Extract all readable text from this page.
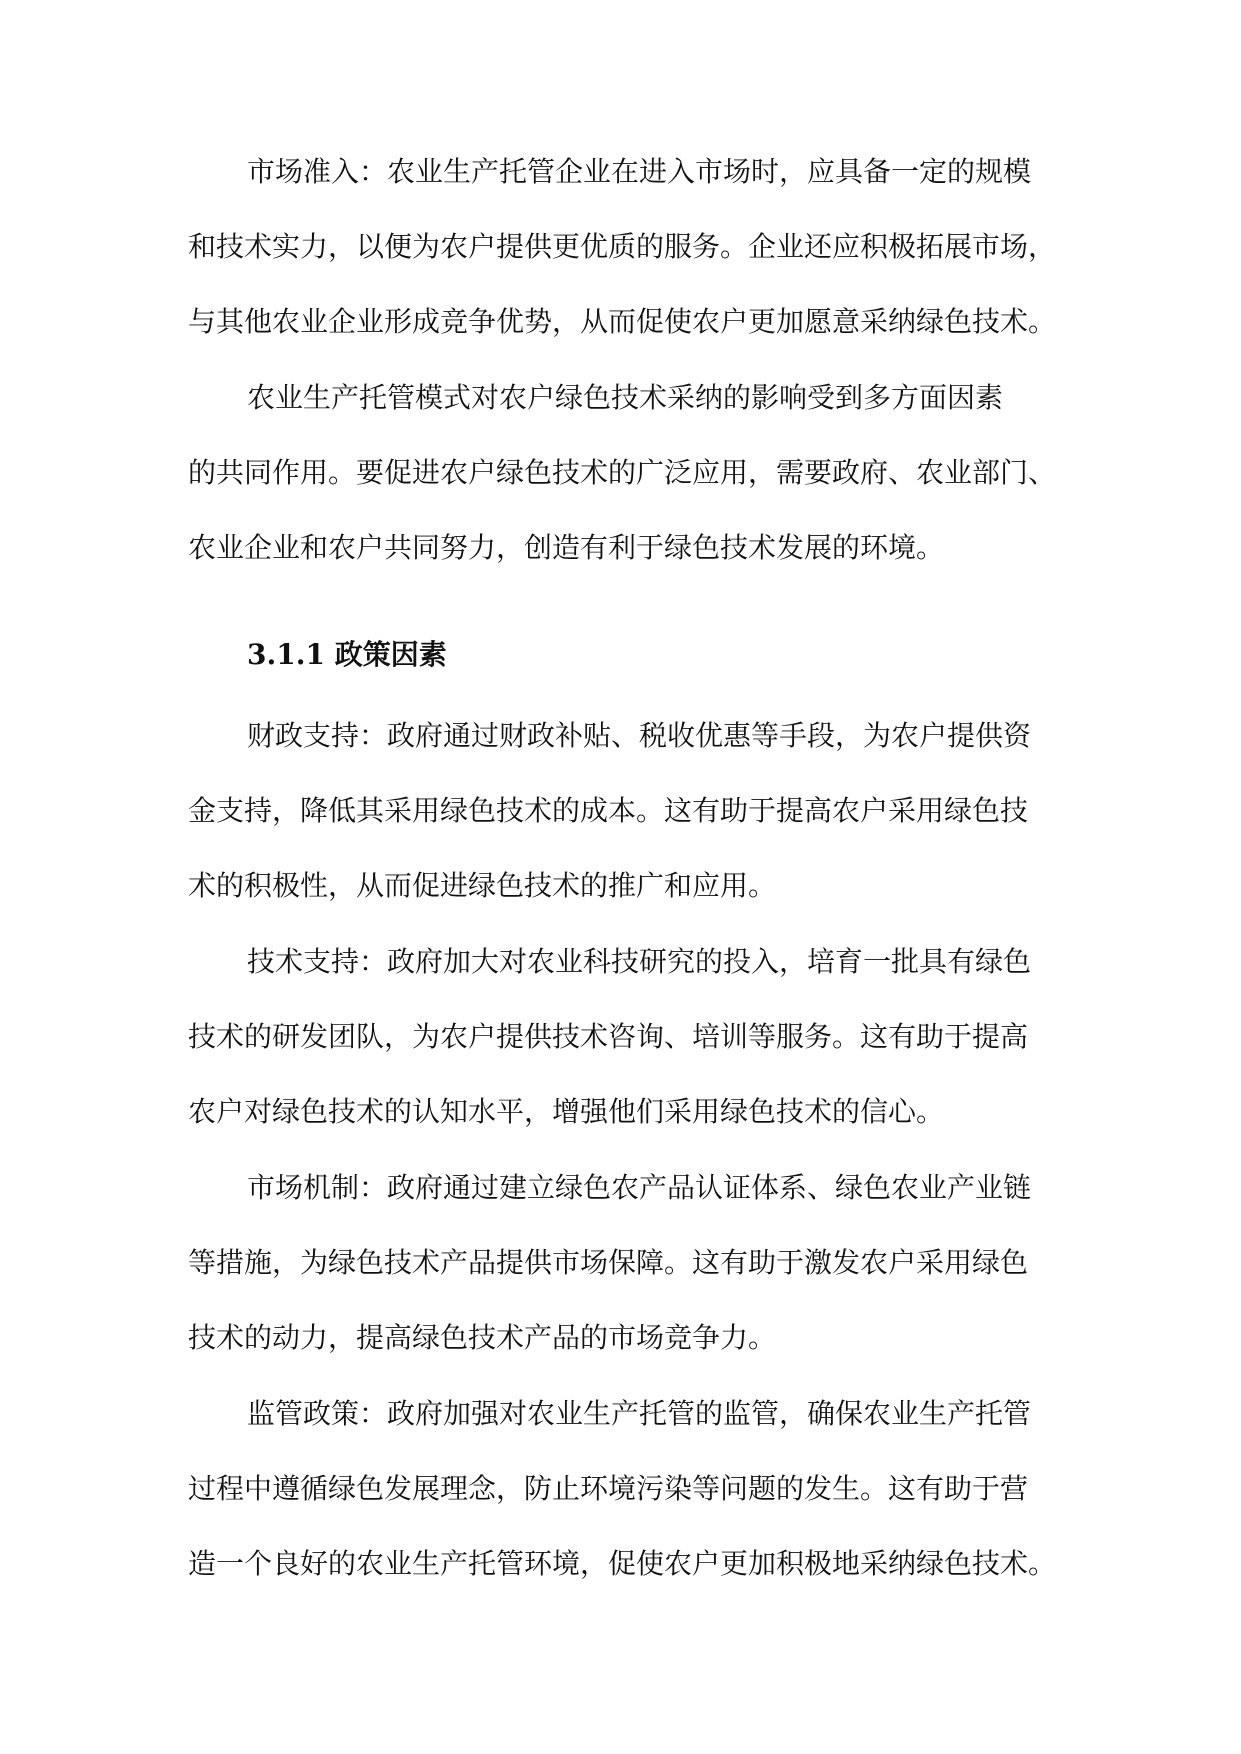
市场准入：农业生产托管企业在进入市场时，应具备一定的规模
和技术实力，以便为农户提供更优质的服务。企业还应积极拓展市场，
与其他农业企业形成竞争优势，从而促使农户更加愿意采纳绿色技术。
农业生产托管模式对农户绿色技术采纳的影响受到多方面因素
的共同作用。要促进农户绿色技术的广泛应用，需要政府、农业部门、
农业企业和农户共同努力，创造有利于绿色技术发展的环境。
3.1.1 政策因素
财政支持：政府通过财政补贴、税收优惠等手段，为农户提供资
金支持，降低其采用绿色技术的成本。这有助于提高农户采用绿色技
术的积极性，从而促进绿色技术的推广和应用。
技术支持：政府加大对农业科技研究的投入，培育一批具有绿色
技术的研发团队，为农户提供技术咨询、培训等服务。这有助于提高
农户对绿色技术的认知水平，增强他们采用绿色技术的信心。
市场机制：政府通过建立绿色农产品认证体系、绿色农业产业链
等措施，为绿色技术产品提供市场保障。这有助于激发农户采用绿色
技术的动力，提高绿色技术产品的市场竞争力。
监管政策：政府加强对农业生产托管的监管，确保农业生产托管
过程中遵循绿色发展理念，防止环境污染等问题的发生。这有助于营
造一个良好的农业生产托管环境，促使农户更加积极地采纳绿色技术。
